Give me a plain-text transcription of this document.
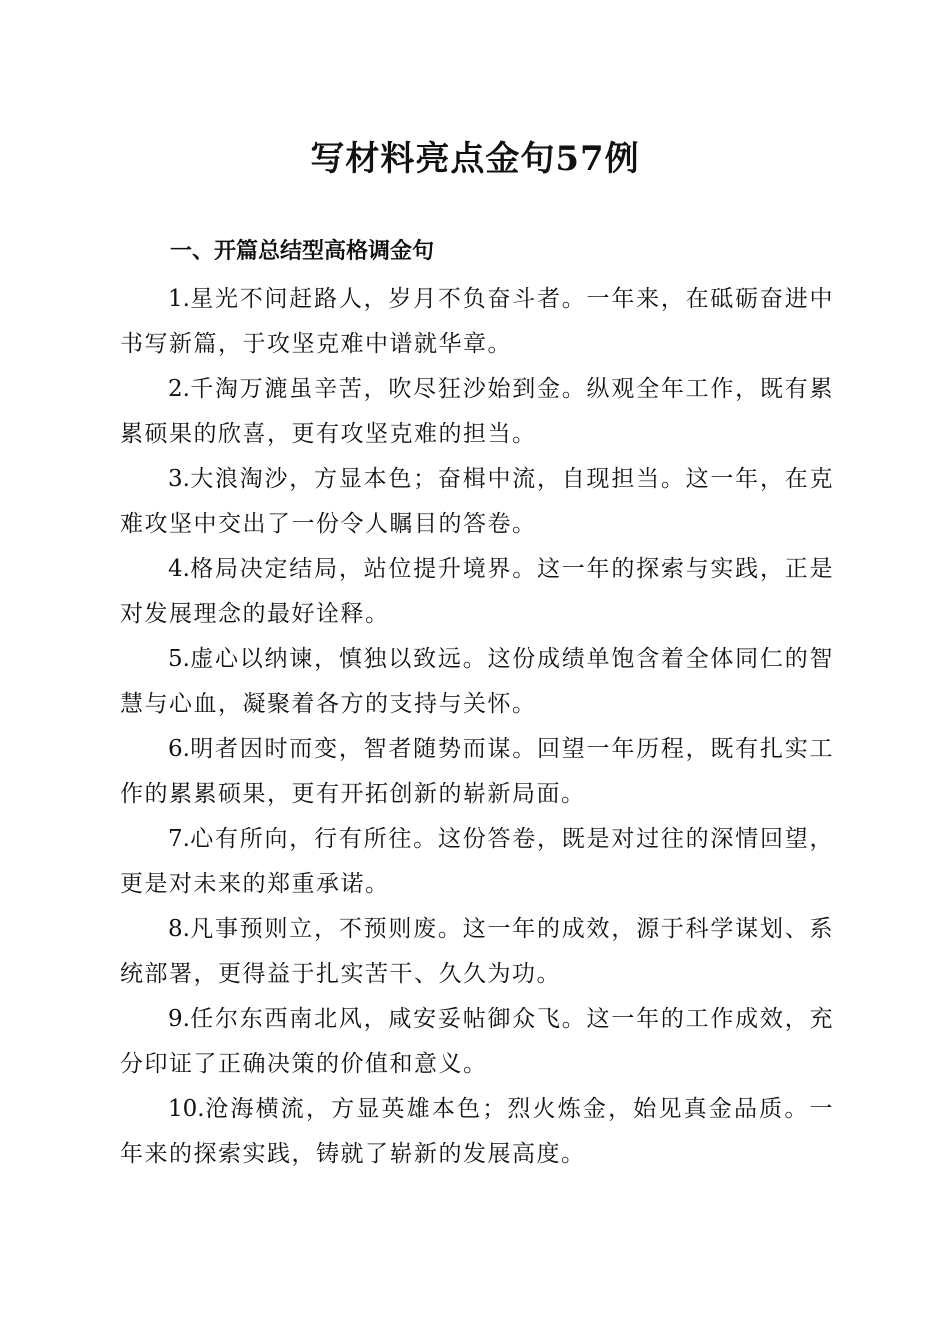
写材料亮点金句57例
一、开篇总结型高格调金句

1.星光不问赶路人，岁月不负奋斗者。一年来，在砥砺奋进中书写新篇，于攻坚克难中谱就华章。

2.千淘万漉虽辛苦，吹尽狂沙始到金。纵观全年工作，既有累累硕果的欣喜，更有攻坚克难的担当。

3.大浪淘沙，方显本色；奋楫中流，自现担当。这一年，在克难攻坚中交出了一份令人瞩目的答卷。

4.格局决定结局，站位提升境界。这一年的探索与实践，正是对发展理念的最好诠释。

5.虚心以纳谏，慎独以致远。这份成绩单饱含着全体同仁的智慧与心血，凝聚着各方的支持与关怀。

6.明者因时而变，智者随势而谋。回望一年历程，既有扎实工作的累累硕果，更有开拓创新的崭新局面。

7.心有所向，行有所往。这份答卷，既是对过往的深情回望，更是对未来的郑重承诺。

8.凡事预则立，不预则废。这一年的成效，源于科学谋划、系统部署，更得益于扎实苦干、久久为功。

9.任尔东西南北风，咸安妥帖御众飞。这一年的工作成效，充分印证了正确决策的价值和意义。

10.沧海横流，方显英雄本色；烈火炼金，始见真金品质。一年来的探索实践，铸就了崭新的发展高度。
